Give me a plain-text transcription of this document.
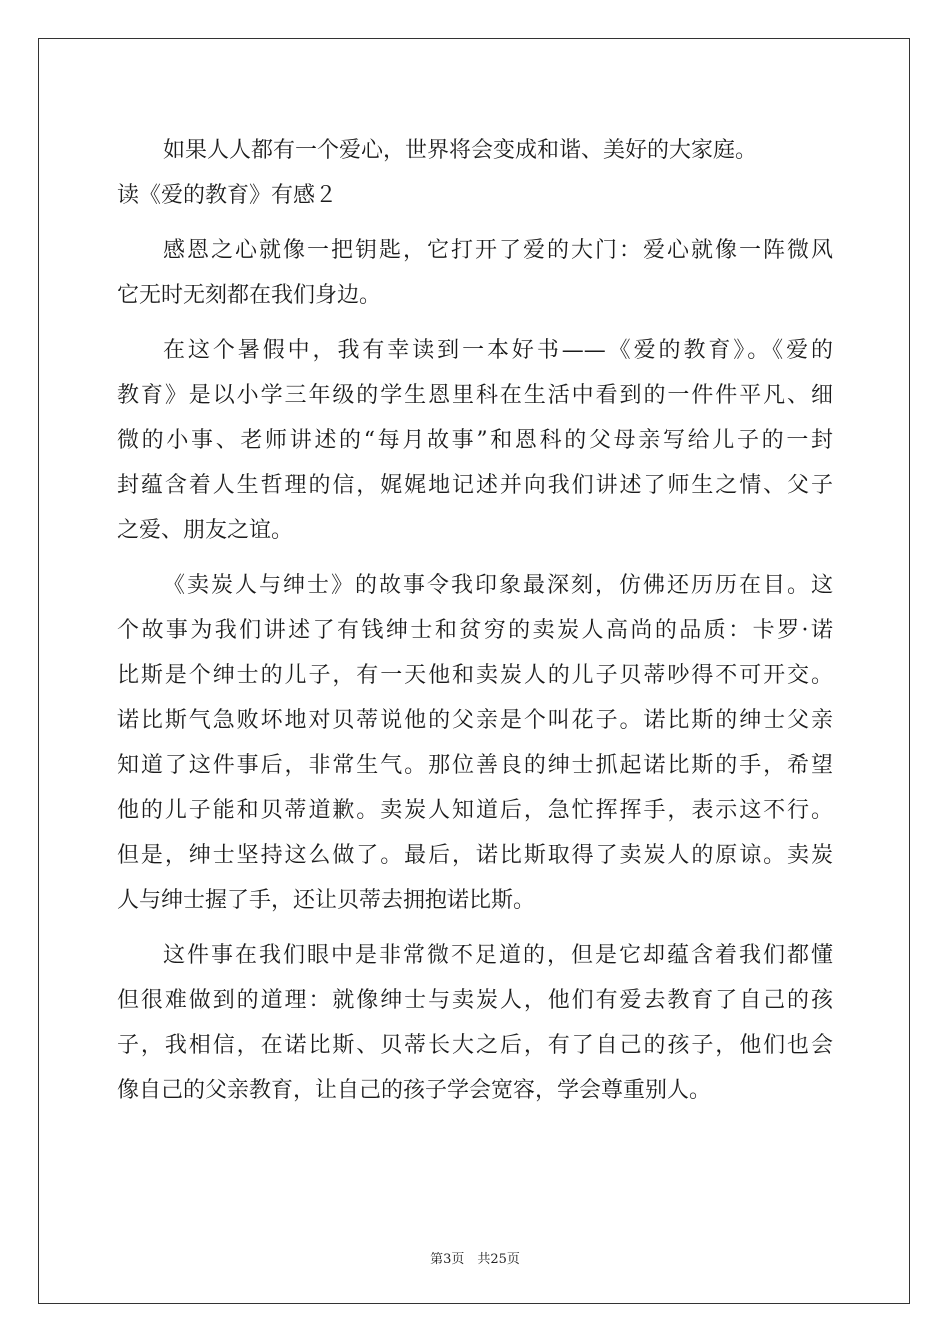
如果人人都有一个爱心，世界将会变成和谐、美好的大家庭。
读《爱的教育》有感２
感恩之心就像一把钥匙，它打开了爱的大门：爱心就像一阵微风
它无时无刻都在我们身边。
在这个暑假中，我有幸读到一本好书——《爱的教育》。《爱的
教育》是以小学三年级的学生恩里科在生活中看到的一件件平凡、细
微的小事、老师讲述的“每月故事”和恩科的父母亲写给儿子的一封
封蕴含着人生哲理的信，娓娓地记述并向我们讲述了师生之情、父子
之爱、朋友之谊。
《卖炭人与绅士》的故事令我印象最深刻，仿佛还历历在目。这
个故事为我们讲述了有钱绅士和贫穷的卖炭人高尚的品质：卡罗·诺
比斯是个绅士的儿子，有一天他和卖炭人的儿子贝蒂吵得不可开交。
诺比斯气急败坏地对贝蒂说他的父亲是个叫花子。诺比斯的绅士父亲
知道了这件事后，非常生气。那位善良的绅士抓起诺比斯的手，希望
他的儿子能和贝蒂道歉。卖炭人知道后，急忙挥挥手，表示这不行。
但是，绅士坚持这么做了。最后，诺比斯取得了卖炭人的原谅。卖炭
人与绅士握了手，还让贝蒂去拥抱诺比斯。
这件事在我们眼中是非常微不足道的，但是它却蕴含着我们都懂
但很难做到的道理：就像绅士与卖炭人，他们有爱去教育了自己的孩
子，我相信，在诺比斯、贝蒂长大之后，有了自己的孩子，他们也会
像自己的父亲教育，让自己的孩子学会宽容，学会尊重别人。
第3页　共25页
